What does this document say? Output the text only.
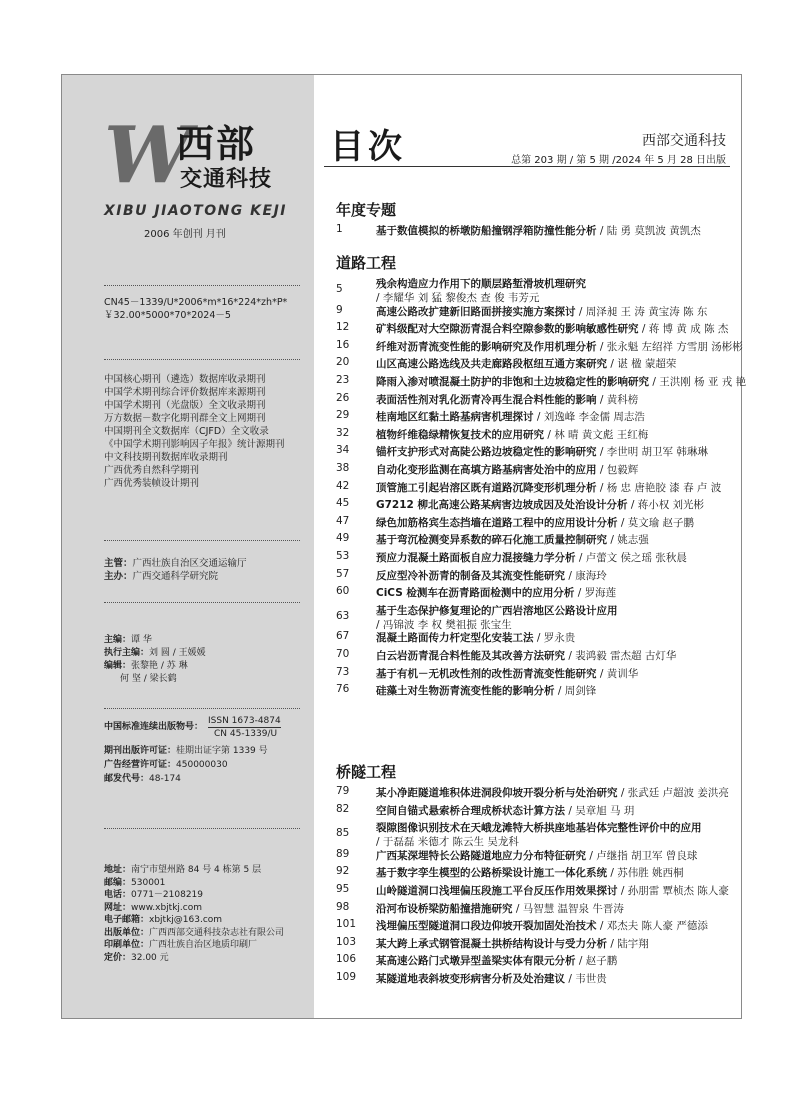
W
西部
交通科技
XIBU JIAOTONG KEJI
2006 年创刊 月刊
CN45－1339/U*2006*m*16*224*zh*P*
￥32.00*5000*70*2024－5
中国核心期刊（遴选）数据库收录期刊
中国学术期刊综合评价数据库来源期刊
中国学术期刊（光盘版）全文收录期刊
万方数据－数字化期刊群全文上网期刊
中国期刊全文数据库（CJFD）全文收录
《中国学术期刊影响因子年报》统计源期刊
中文科技期刊数据库收录期刊
广西优秀自然科学期刊
广西优秀装帧设计期刊
主管：广西壮族自治区交通运输厅
主办：广西交通科学研究院
主编：谭 华
执行主编：刘 圆 / 王媛媛
编辑：张黎艳 / 苏 琳
何 坚 / 梁长鹤
中国标准连续出版物号：
ISSN 1673-4874
CN 45-1339/U
期刊出版许可证：桂期出证字第 1339 号
广告经营许可证：450000030
邮发代号：48-174
地址：南宁市望州路 84 号 4 栋第 5 层
邮编：530001
电话：0771－2108219
网址：www.xbjtkj.com
电子邮箱：xbjtkj@163.com
出版单位：广西西部交通科技杂志社有限公司
印刷单位：广西壮族自治区地质印刷厂
定价：32.00 元
目次	西部交通科技
总第 203 期 / 第 5 期 /2024 年 5 月 28 日出版
年度专题
1	基于数值模拟的桥墩防船撞钢浮箱防撞性能分析 / 陆 勇 莫凯波 黄凯杰
道路工程
5	残余构造应力作用下的顺层路堑滑坡机理研究
/ 李耀华 刘 猛 黎俊杰 查 俊 韦芳元
9	高速公路改扩建新旧路面拼接实施方案探讨 / 周泽昶 王 涛 黄宝涛 陈 东
12	矿料级配对大空隙沥青混合料空隙参数的影响敏感性研究 / 蒋 博 黄 成 陈 杰
16	纤维对沥青流变性能的影响研究及作用机理分析 / 张永魁 左绍祥 方雪朋 汤彬彬
20	山区高速公路选线及共走廊路段枢纽互通方案研究 / 谌 楹 蒙超荣
23	降雨入渗对喷混凝土防护的非饱和土边坡稳定性的影响研究 / 王洪刚 杨 亚 戎 艳
26	表面活性剂对乳化沥青冷再生混合料性能的影响 / 黄科榜
29	桂南地区红黏土路基病害机理探讨 / 刘逸峰 李金儒 周志浩
32	植物纤维稳绿精恢复技术的应用研究 / 林 晴 黄文彪 王红梅
34	锚杆支护形式对高陡公路边坡稳定性的影响研究 / 李世明 胡卫军 韩琳琳
38	自动化变形监测在高填方路基病害处治中的应用 / 包毅辉
42	顶管施工引起岩溶区既有道路沉降变形机理分析 / 杨 忠 唐艳胶 漆 春 卢 波
45	G7212 柳北高速公路某病害边坡成因及处治设计分析 / 蒋小权 刘光彬
47	绿色加筋格宾生态挡墙在道路工程中的应用设计分析 / 莫文瑜 赵子鹏
49	基于弯沉检测变异系数的碎石化施工质量控制研究 / 姚志强
53	预应力混凝土路面板自应力混接缝力学分析 / 卢蕾文 侯之瑶 张秋晨
57	反应型冷补沥青的制备及其流变性能研究 / 康海玲
60	CiCS 检测车在沥青路面检测中的应用分析 / 罗海莲
63	基于生态保护修复理论的广西岩溶地区公路设计应用
/ 冯锦波 李 权 樊祖振 张宝生
67	混凝土路面传力杆定型化安装工法 / 罗永贵
70	白云岩沥青混合料性能及其改善方法研究 / 裴鸿毅 雷杰超 古灯华
73	基于有机－无机改性剂的改性沥青流变性能研究 / 黄训华
76	硅藻土对生物沥青流变性能的影响分析 / 周剑锋
桥隧工程
79	某小净距隧道堆积体进洞段仰坡开裂分析与处治研究 / 张武廷 卢超波 姜洪亮
82	空间自锚式悬索桥合理成桥状态计算方法 / 吴章旭 马 玥
85	裂隙图像识别技术在天峨龙滩特大桥拱座地基岩体完整性评价中的应用
/ 于磊磊 米德才 陈云生 吴龙科
89	广西某深埋特长公路隧道地应力分布特征研究 / 卢继指 胡卫军 曾良球
92	基于数字孪生模型的公路桥梁设计施工一体化系统 / 苏伟胜 姚西桐
95	山岭隧道洞口浅埋偏压段施工平台反压作用效果探讨 / 孙朋雷 覃桢杰 陈人豪
98	沿河布设桥梁防船撞措施研究 / 马智慧 温智泉 牛晋涛
101 浅埋偏压型隧道洞口段边仰坡开裂加固处治技术 / 邓杰夫 陈人豪 严德添
103 某大跨上承式钢管混凝土拱桥结构设计与受力分析 / 陆宇翔
106 某高速公路门式墩异型盖梁实体有限元分析 / 赵子鹏
109 某隧道地表斜坡变形病害分析及处治建议 / 韦世贵
